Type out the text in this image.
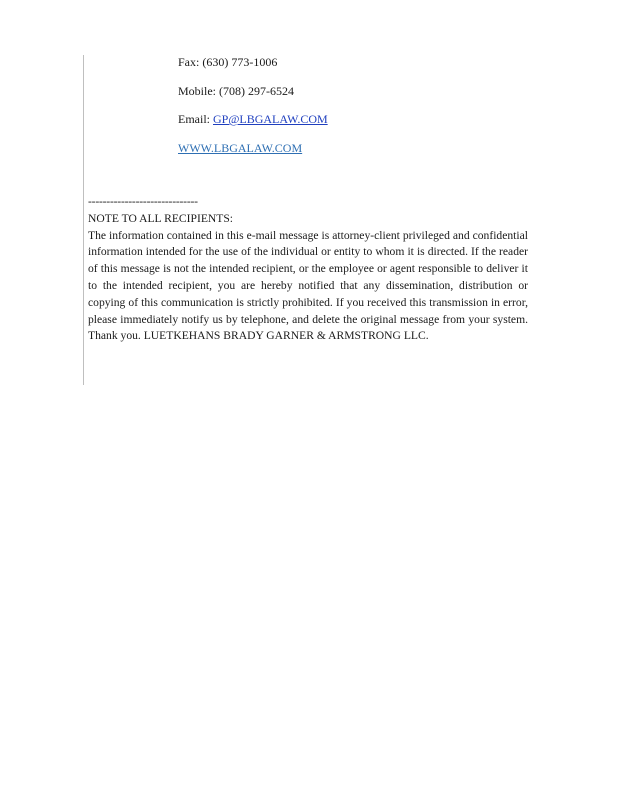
Fax: (630) 773-1006
Mobile: (708) 297-6524
Email: GP@LBGALAW.COM
WWW.LBGALAW.COM
------------------------------
NOTE TO ALL RECIPIENTS:
The information contained in this e-mail message is attorney-client privileged and confidential information intended for the use of the individual or entity to whom it is directed. If the reader of this message is not the intended recipient, or the employee or agent responsible to deliver it to the intended recipient, you are hereby notified that any dissemination, distribution or copying of this communication is strictly prohibited. If you received this transmission in error, please immediately notify us by telephone, and delete the original message from your system. Thank you. LUETKEHANS BRADY GARNER & ARMSTRONG LLC.
